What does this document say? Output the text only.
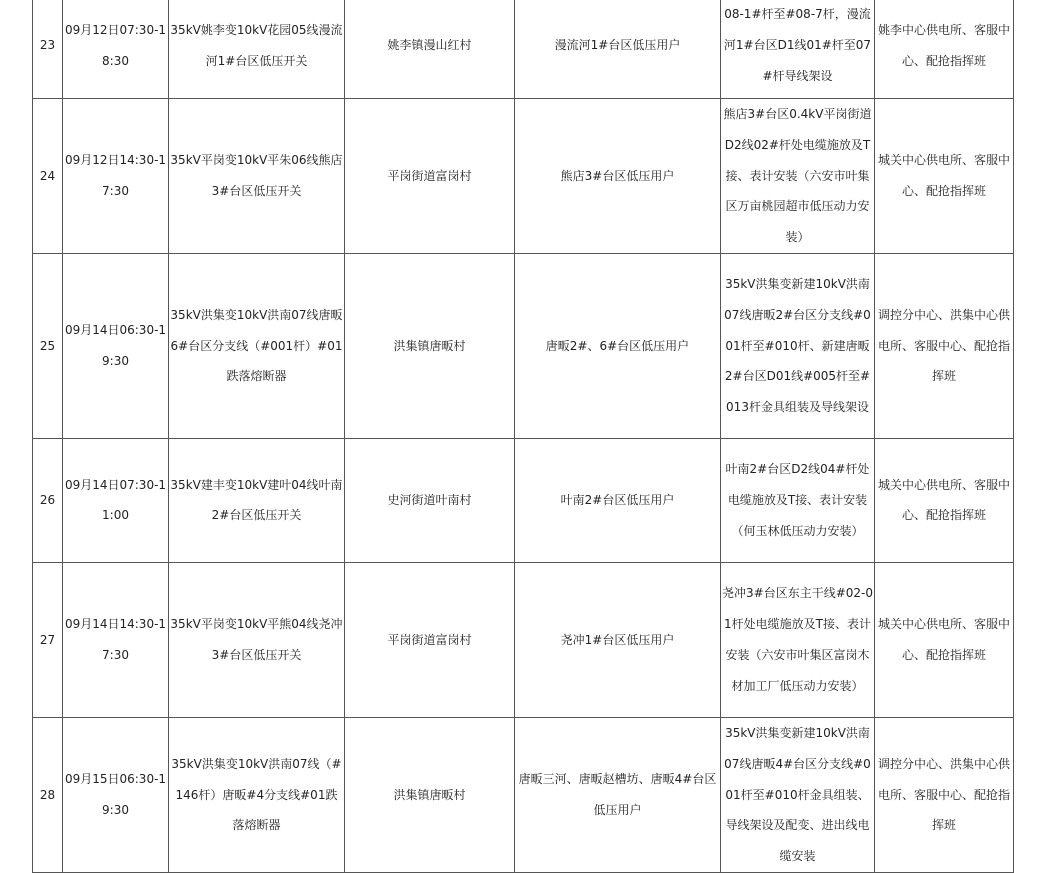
23	09月12日07:30-18:30	35kV姚李变10kV花园05线漫流河1#台区低压开关	姚李镇漫山红村	漫流河1#台区低压用户	08-1#杆至#08-7杆，漫流河1#台区D1线01#杆至07#杆导线架设	姚李中心供电所、客服中心、配抢指挥班
24	09月12日14:30-17:30	35kV平岗变10kV平朱06线熊店3#台区低压开关	平岗街道富岗村	熊店3#台区低压用户	熊店3#台区0.4kV平岗街道D2线02#杆处电缆施放及T接、表计安装（六安市叶集区万亩桃园超市低压动力安装）	城关中心供电所、客服中心、配抢指挥班
25	09月14日06:30-19:30	35kV洪集变10kV洪南07线唐畈6#台区分支线（#001杆）#01跌落熔断器	洪集镇唐畈村	唐畈2#、6#台区低压用户	35kV洪集变新建10kV洪南07线唐畈2#台区分支线#001杆至#010杆、新建唐畈2#台区D01线#005杆至#013杆金具组装及导线架设	调控分中心、洪集中心供电所、客服中心、配抢指挥班
26	09月14日07:30-11:00	35kV建丰变10kV建叶04线叶南2#台区低压开关	史河街道叶南村	叶南2#台区低压用户	叶南2#台区D2线04#杆处电缆施放及T接、表计安装（何玉林低压动力安装）	城关中心供电所、客服中心、配抢指挥班
27	09月14日14:30-17:30	35kV平岗变10kV平熊04线尧冲3#台区低压开关	平岗街道富岗村	尧冲1#台区低压用户	尧冲3#台区东主干线#02-01杆处电缆施放及T接、表计安装（六安市叶集区富岗木材加工厂低压动力安装）	城关中心供电所、客服中心、配抢指挥班
28	09月15日06:30-19:30	35kV洪集变10kV洪南07线（#146杆）唐畈#4分支线#01跌落熔断器	洪集镇唐畈村	唐畈三河、唐畈赵槽坊、唐畈4#台区低压用户	35kV洪集变新建10kV洪南07线唐畈4#台区分支线#001杆至#010杆金具组装、导线架设及配变、进出线电缆安装	调控分中心、洪集中心供电所、客服中心、配抢指挥班
